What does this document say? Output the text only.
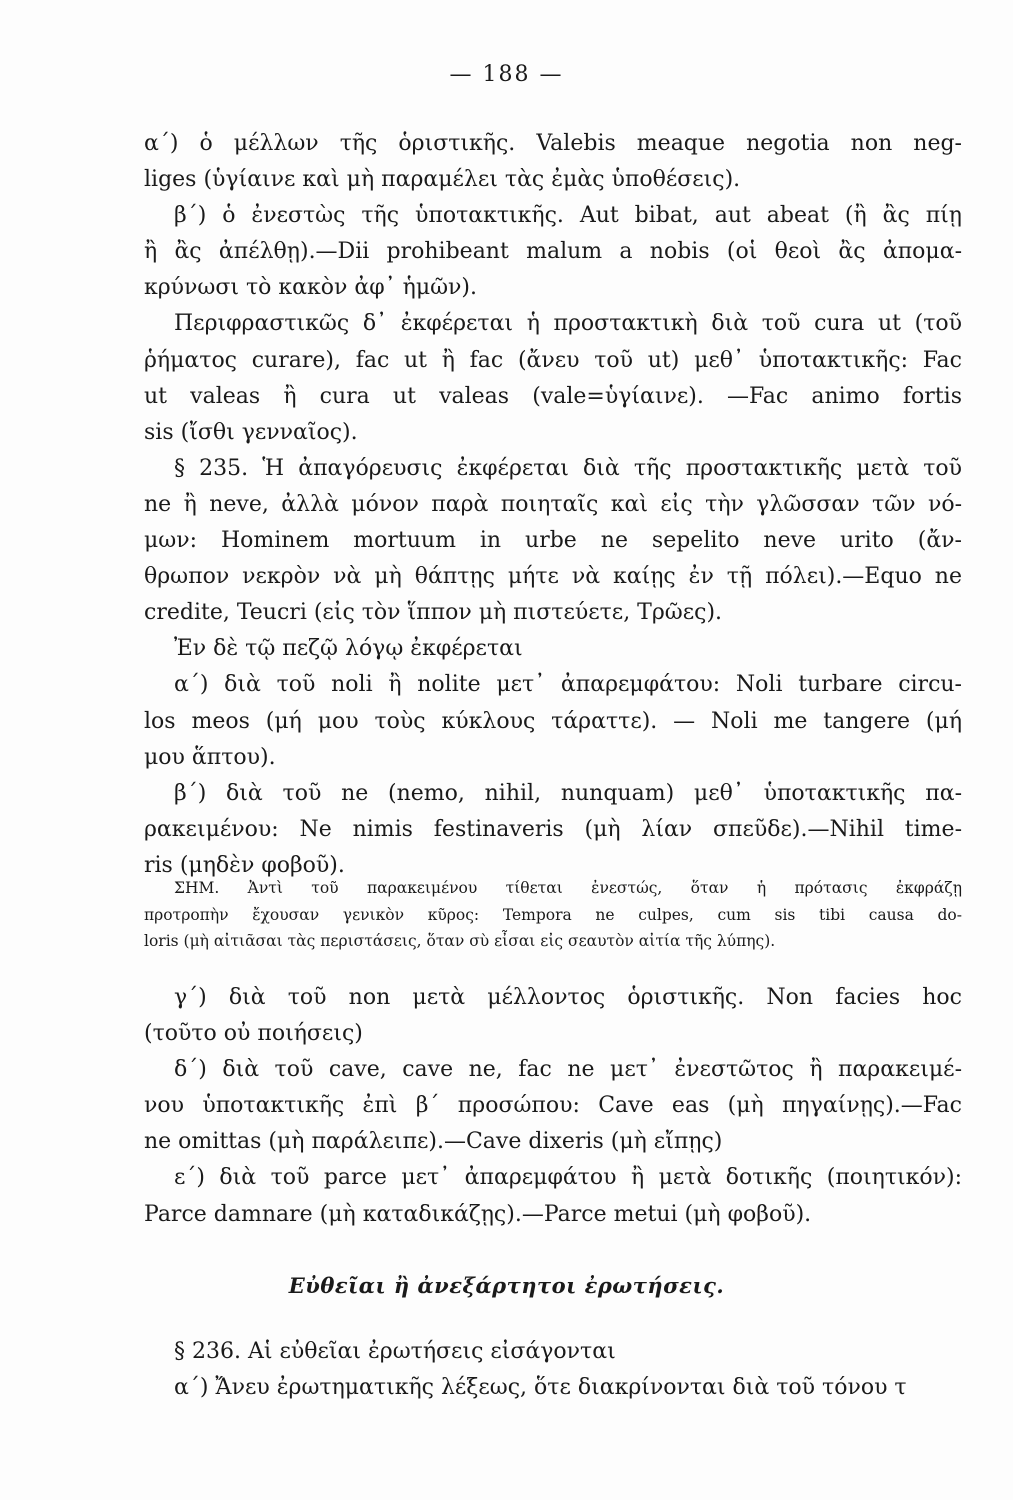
— 188 —
α΄) ὁ μέλλων τῆς ὁριστικῆς. Valebis meaque negotia non neg-
liges (ὑγίαινε καὶ μὴ παραμέλει τὰς ἐμὰς ὑποθέσεις).
β΄) ὁ ἐνεστὼς τῆς ὑποτακτικῆς. Aut bibat, aut abeat (ἢ ἂς πίῃ
ἢ ἂς ἀπέλθῃ).—Dii prohibeant malum a nobis (οἱ θεοὶ ἂς ἀπομα-
κρύνωσι τὸ κακὸν ἀφ᾽ ἡμῶν).
Περιφραστικῶς δ᾽ ἐκφέρεται ἡ προστακτικὴ διὰ τοῦ cura ut (τοῦ
ῥήματος curare), fac ut ἢ fac (ἄνευ τοῦ ut) μεθ᾽ ὑποτακτικῆς: Fac
ut valeas ἢ cura ut valeas (vale=ὑγίαινε). —Fac animo fortis
sis (ἴσθι γενναῖος).
§ 235. Ἡ ἀπαγόρευσις ἐκφέρεται διὰ τῆς προστακτικῆς μετὰ τοῦ
ne ἢ neve, ἀλλὰ μόνον παρὰ ποιηταῖς καὶ εἰς τὴν γλῶσσαν τῶν νό-
μων: Hominem mortuum in urbe ne sepelito neve urito (ἄν-
θρωπον νεκρὸν νὰ μὴ θάπτῃς μήτε νὰ καίῃς ἐν τῇ πόλει).—Equo ne
credite, Teucri (εἰς τὸν ἵππον μὴ πιστεύετε, Τρῶες).
Ἐν δὲ τῷ πεζῷ λόγῳ ἐκφέρεται
α΄) διὰ τοῦ noli ἢ nolite μετ᾽ ἀπαρεμφάτου: Noli turbare circu-
los meos (μή μου τοὺς κύκλους τάραττε). — Noli me tangere (μή
μου ἅπτου).
β΄) διὰ τοῦ ne (nemo, nihil, nunquam) μεθ᾽ ὑποτακτικῆς πα-
ρακειμένου: Ne nimis festinaveris (μὴ λίαν σπεῦδε).—Nihil time-
ris (μηδὲν φοβοῦ).
ΣΗΜ. Ἀντὶ τοῦ παρακειμένου τίθεται ἐνεστώς, ὅταν ἡ πρότασις ἐκφράζῃ
προτροπὴν ἔχουσαν γενικὸν κῦρος: Tempora ne culpes, cum sis tibi causa do-
loris (μὴ αἰτιᾶσαι τὰς περιστάσεις, ὅταν σὺ εἶσαι εἰς σεαυτὸν αἰτία τῆς λύπης).
γ΄) διὰ τοῦ non μετὰ μέλλοντος ὁριστικῆς. Non facies hoc
(τοῦτο οὐ ποιήσεις)
δ΄) διὰ τοῦ cave, cave ne, fac ne μετ᾽ ἐνεστῶτος ἢ παρακειμέ-
νου ὑποτακτικῆς ἐπὶ β΄ προσώπου: Cave eas (μὴ πηγαίνῃς).—Fac
ne omittas (μὴ παράλειπε).—Cave dixeris (μὴ εἴπῃς)
ε΄) διὰ τοῦ parce μετ᾽ ἀπαρεμφάτου ἢ μετὰ δοτικῆς (ποιητικόν):
Parce damnare (μὴ καταδικάζῃς).—Parce metui (μὴ φοβοῦ).
Εὐθεῖαι ἢ ἀνεξάρτητοι ἐρωτήσεις.
§ 236. Αἱ εὐθεῖαι ἐρωτήσεις εἰσάγονται
α΄) Ἄνευ ἐρωτηματικῆς λέξεως, ὅτε διακρίνονται διὰ τοῦ τόνου τ
